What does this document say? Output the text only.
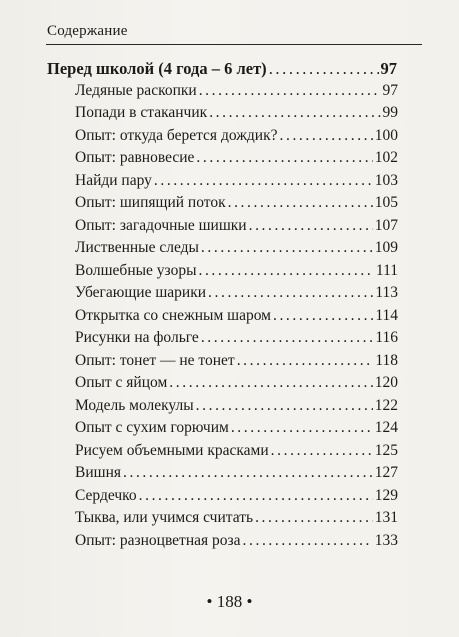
Содержание
Перед школой (4 года – 6 лет) .....	97
Ледяные раскопки .....	97
Попади в стаканчик .....	99
Опыт: откуда берется дождик? .....	100
Опыт: равновесие .....	102
Найди пару .....	103
Опыт: шипящий поток .....	105
Опыт: загадочные шишки .....	107
Лиственные следы .....	109
Волшебные узоры .....	111
Убегающие шарики .....	113
Открытка со снежным шаром .....	114
Рисунки на фольге .....	116
Опыт: тонет — не тонет .....	118
Опыт с яйцом .....	120
Модель молекулы .....	122
Опыт с сухим горючим .....	124
Рисуем объемными красками .....	125
Вишня .....	127
Сердечко .....	129
Тыква, или учимся считать .....	131
Опыт: разноцветная роза .....	133
• 188 •
